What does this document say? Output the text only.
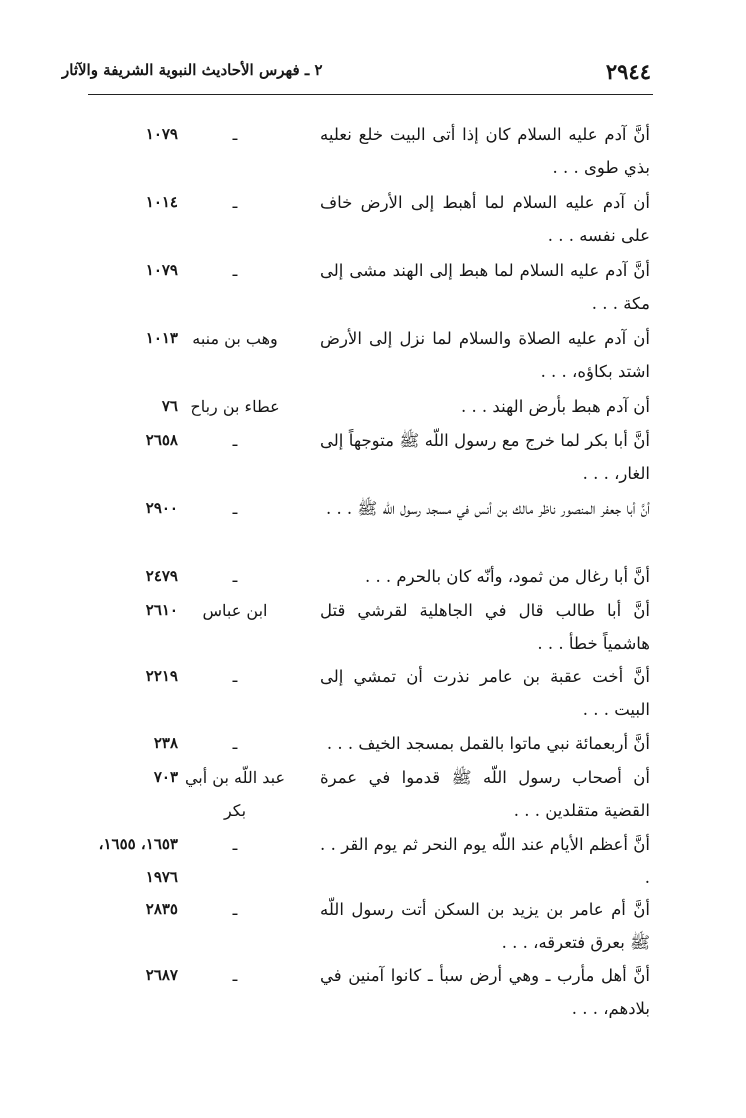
٢٩٤٤
٢ ـ فهرس الأحاديث النبوية الشريفة والآثار
أنَّ آدم عليه السلام كان إذا أتى البيت خلع نعليه بذي طوى . . .
ـ
١٠٧٩
أن آدم عليه السلام لما أهبط إلى الأرض خاف على نفسه . . .
ـ
١٠١٤
أنَّ آدم عليه السلام لما هبط إلى الهند مشى إلى مكة . . .
ـ
١٠٧٩
أن آدم عليه الصلاة والسلام لما نزل إلى الأرض اشتد بكاؤه، . . .
وهب بن منبه
١٠١٣
أن آدم هبط بأرض الهند . . .
عطاء بن رباح
٧٦
أنَّ أبا بكر لما خرج مع رسول اللّه ﷺ متوجهاً إلى الغار، . . .
ـ
٢٦٥٨
أنَّ أبا جعفر المنصور ناظر مالك بن أنس في مسجد رسول اللّه ﷺ . . .
ـ
٢٩٠٠
أنَّ أبا رغال من ثمود، وأنّه كان بالحرم . . .
ـ
٢٤٧٩
أنَّ أبا طالب قال في الجاهلية لقرشي قتل هاشمياً خطأ . . .
ابن عباس
٢٦١٠
أنَّ أخت عقبة بن عامر نذرت أن تمشي إلى البيت . . .
ـ
٢٢١٩
أنَّ أربعمائة نبي ماتوا بالقمل بمسجد الخيف . . .
ـ
٢٣٨
أن أصحاب رسول اللّه ﷺ قدموا في عمرة القضية متقلدين . . .
عبد اللّه بن أبي بكر
٧٠٣
أنَّ أعظم الأيام عند اللّه يوم النحر ثم يوم القر . . .
ـ
١٦٥٣، ١٦٥٥، ١٩٧٦
أنَّ أم عامر بن يزيد بن السكن أتت رسول اللّه ﷺ بعرق فتعرقه، . . .
ـ
٢٨٣٥
أنَّ أهل مأرب ـ وهي أرض سبأ ـ كانوا آمنين في بلادهم، . . .
ـ
٢٦٨٧
